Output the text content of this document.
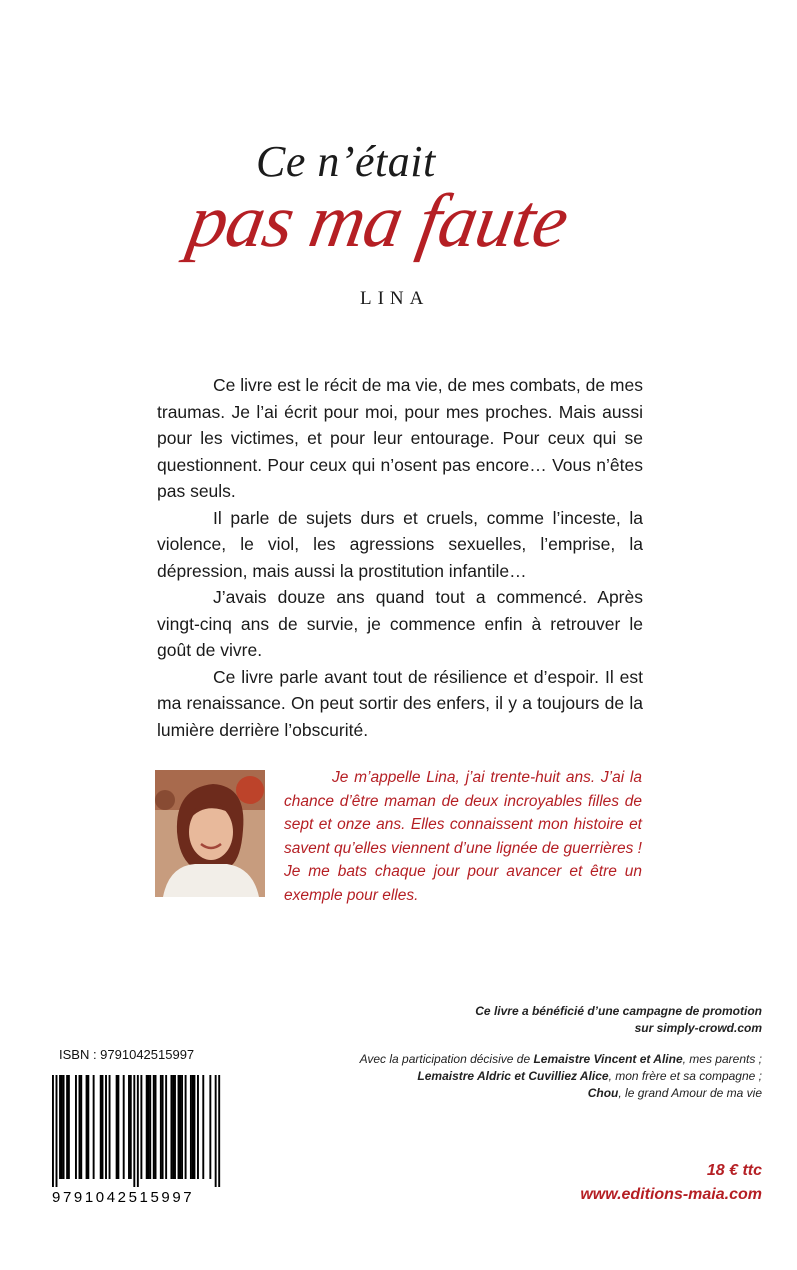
Ce n’était
pas ma faute
LINA

Ce livre est le récit de ma vie, de mes combats, de mes traumas. Je l’ai écrit pour moi, pour mes proches. Mais aussi pour les victimes, et pour leur entourage. Pour ceux qui se questionnent. Pour ceux qui n’osent pas encore… Vous n’êtes pas seuls.

Il parle de sujets durs et cruels, comme l’inceste, la violence, le viol, les agressions sexuelles, l’emprise, la dépression, mais aussi la prostitution infantile…

J’avais douze ans quand tout a commencé. Après vingt-cinq ans de survie, je commence enfin à retrouver le goût de vivre.

Ce livre parle avant tout de résilience et d’espoir. Il est ma renaissance. On peut sortir des enfers, il y a toujours de la lumière derrière l’obscurité.

Je m’appelle Lina, j’ai trente-huit ans. J’ai la chance d’être maman de deux incroyables filles de sept et onze ans. Elles connaissent mon histoire et savent qu’elles viennent d’une lignée de guerrières ! Je me bats chaque jour pour avancer et être un exemple pour elles.
Ce livre a bénéficié d’une campagne de promotion
sur simply-crowd.com
Avec la participation décisive de Lemaistre Vincent et Aline, mes parents ;
Lemaistre Aldric et Cuvilliez Alice, mon frère et sa compagne ;
Chou, le grand Amour de ma vie
ISBN : 9791042515997
9791042515997
18 € ttc
www.editions-maia.com
